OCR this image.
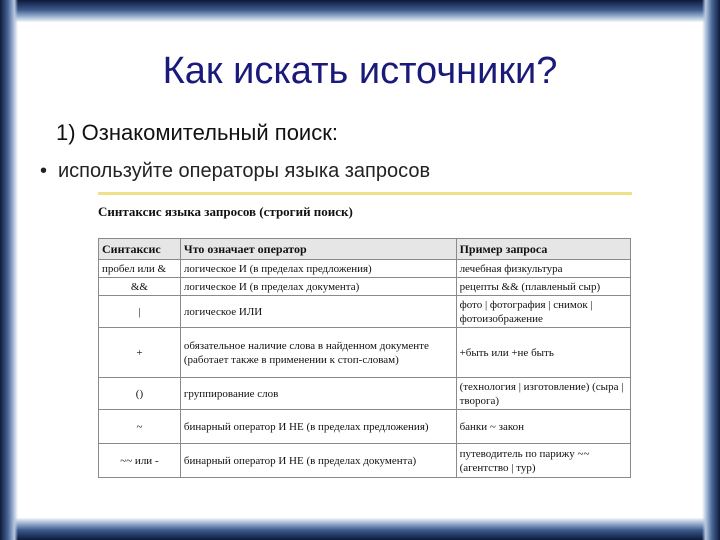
Как искать источники?
1) Ознакомительный поиск:
• используйте операторы языка запросов
Синтаксис языка запросов (строгий поиск)
Синтаксис	Что означает оператор	Пример запроса
пробел или &	логическое И (в пределах предложения)	лечебная физкультура
&&	логическое И (в пределах документа)	рецепты && (плавленый сыр)
|	логическое ИЛИ	фото | фотография | снимок | фотоизображение
+	обязательное наличие слова в найденном документе (работает также в применении к стоп-словам)	+быть или +не быть
()	группирование слов	(технология | изготовление) (сыра | творога)
~	бинарный оператор И НЕ (в пределах предложения)	банки ~ закон
~~ или -	бинарный оператор И НЕ (в пределах документа)	путеводитель по парижу ~~ (агентство | тур)
